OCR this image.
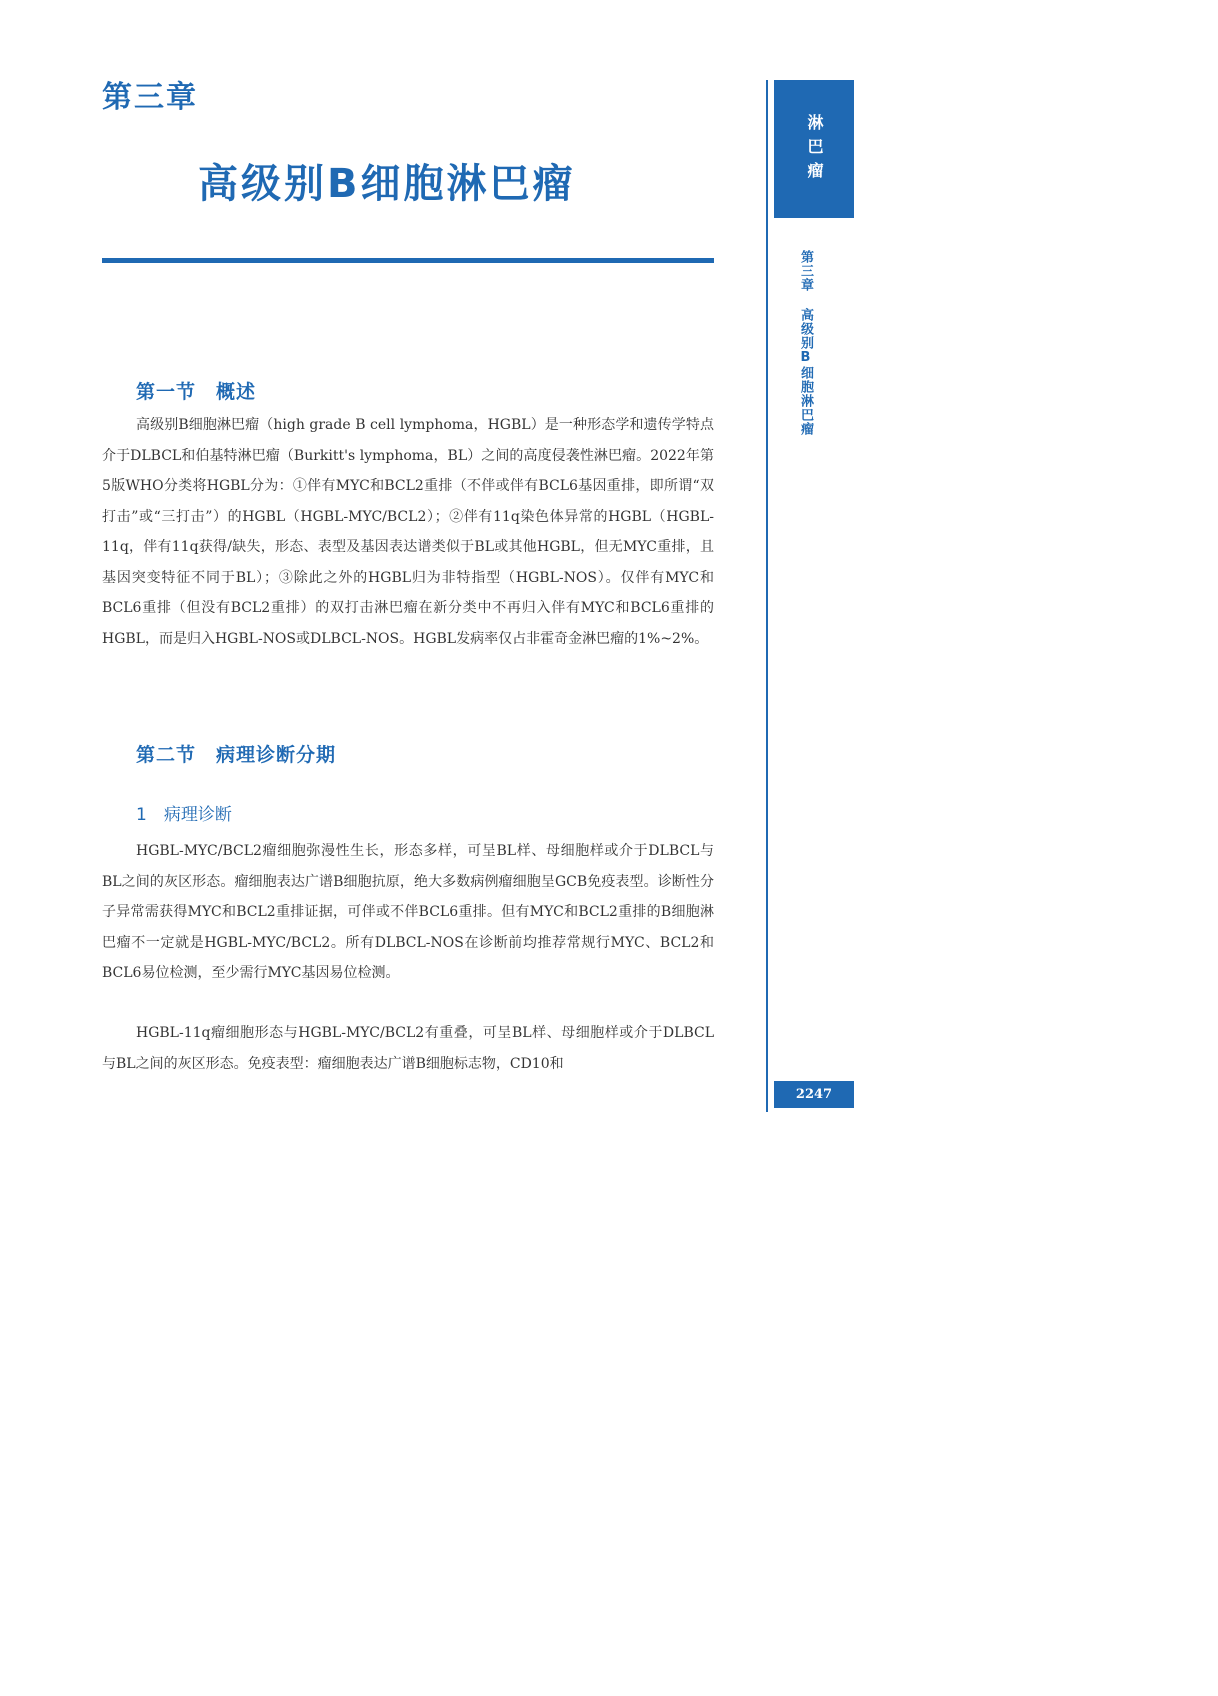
第三章
高级别B细胞淋巴瘤	淋巴瘤
第三章 高级别B细胞淋巴瘤
2247
第一节　概述

高级别B细胞淋巴瘤（high grade B cell lymphoma，HGBL）是一种形态学和遗传学特点介于DLBCL和伯基特淋巴瘤（Burkitt's lymphoma，BL）之间的高度侵袭性淋巴瘤。2022年第5版WHO分类将HGBL分为：①伴有MYC和BCL2重排（不伴或伴有BCL6基因重排，即所谓“双打击”或“三打击”）的HGBL（HGBL-MYC/BCL2）；②伴有11q染色体异常的HGBL（HGBL-11q，伴有11q获得/缺失，形态、表型及基因表达谱类似于BL或其他HGBL，但无MYC重排，且基因突变特征不同于BL）；③除此之外的HGBL归为非特指型（HGBL-NOS）。仅伴有MYC和BCL6重排（但没有BCL2重排）的双打击淋巴瘤在新分类中不再归入伴有MYC和BCL6重排的HGBL，而是归入HGBL-NOS或DLBCL-NOS。HGBL发病率仅占非霍奇金淋巴瘤的1%~2%。

第二节　病理诊断分期
1　病理诊断

HGBL-MYC/BCL2瘤细胞弥漫性生长，形态多样，可呈BL样、母细胞样或介于DLBCL与BL之间的灰区形态。瘤细胞表达广谱B细胞抗原，绝大多数病例瘤细胞呈GCB免疫表型。诊断性分子异常需获得MYC和BCL2重排证据，可伴或不伴BCL6重排。但有MYC和BCL2重排的B细胞淋巴瘤不一定就是HGBL-MYC/BCL2。所有DLBCL-NOS在诊断前均推荐常规行MYC、BCL2和BCL6易位检测，至少需行MYC基因易位检测。

HGBL-11q瘤细胞形态与HGBL-MYC/BCL2有重叠，可呈BL样、母细胞样或介于DLBCL与BL之间的灰区形态。免疫表型：瘤细胞表达广谱B细胞标志物，CD10和
